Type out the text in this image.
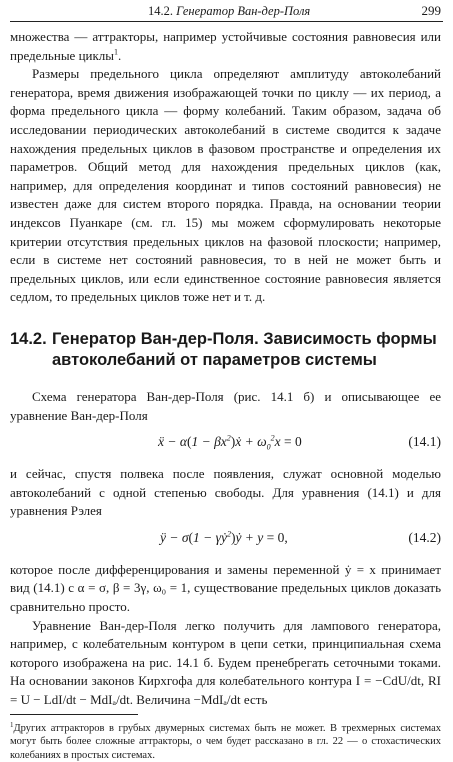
14.2. Генератор Ван-дер-Поля	299

множества — аттракторы, например устойчивые состояния равновесия или предельные циклы$^1$.

Размеры предельного цикла определяют амплитуду автоколебаний генератора, время движения изображающей точки по циклу — их период, а форма предельного цикла — форму колебаний. Таким образом, задача об исследовании периодических автоколебаний в системе сводится к задаче нахождения предельных циклов в фазовом пространстве и определения их параметров. Общий метод для нахождения предельных циклов (как, например, для определения координат и типов состояний равновесия) не известен даже для систем второго порядка. Правда, на основании теории индексов Пуанкаре (см. гл. 15) мы можем сформулировать некоторые критерии отсутствия предельных циклов на фазовой плоскости; например, если в системе нет состояний равновесия, то в ней не может быть и предельных циклов, или если единственное состояние равновесия является седлом, то предельных циклов тоже нет и т. д.

14.2. Генератор Ван-дер-Поля. Зависимость формы автоколебаний от параметров системы

Схема генератора Ван-дер-Поля (рис. 14.1 б) и описывающее ее уравнение Ван-дер-Поля

ẍ − $\alpha(1 - \beta x^2)ẋ + \omega_0^2x = 0$	(14.1)

и сейчас, спустя полвека после появления, служат основной моделью автоколебаний с одной степенью свободы. Для уравнения (14.1) и для уравнения Рэлея

ÿ − σ(1 − γẏ$^2$)ẏ + y = 0,	(14.2)

которое после дифференцирования и замены переменной ẏ = x принимает вид (14.1) с α = σ, β = 3γ, ω₀ = 1, существование предельных циклов доказать сравнительно просто.

Уравнение Ван-дер-Поля легко получить для лампового генератора, например, с колебательным контуром в цепи сетки, принципиальная схема которого изображена на рис. 14.1 б. Будем пренебрегать сеточными токами. На основании законов Кирхгофа для колебательного контура I = −CdU/dt, RI = U − LdI/dt − MdIₐ/dt. Величина −MdIₐ/dt есть

$^1$Других аттракторов в грубых двумерных системах быть не может. В трехмерных системах могут быть более сложные аттракторы, о чем будет рассказано в гл. 22 — о стохастических колебаниях в простых системах.
